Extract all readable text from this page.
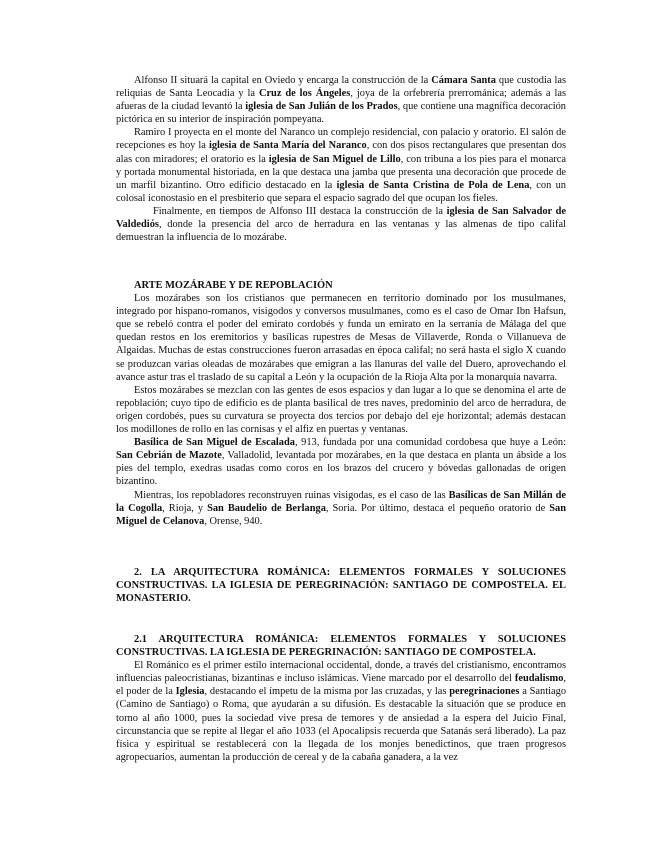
Alfonso II situará la capital en Oviedo y encarga la construcción de la Cámara Santa que custodia las reliquias de Santa Leocadia y la Cruz de los Ángeles, joya de la orfebrería prerrománica; además a las afueras de la ciudad levantó la iglesia de San Julián de los Prados, que contiene una magnífica decoración pictórica en su interior de inspiración pompeyana.

Ramiro I proyecta en el monte del Naranco un complejo residencial, con palacio y oratorio. El salón de recepciones es hoy la iglesia de Santa María del Naranco, con dos pisos rectangulares que presentan dos alas con miradores; el oratorio es la iglesia de San Miguel de Lillo, con tribuna a los pies para el monarca y portada monumental historiada, en la que destaca una jamba que presenta una decoración que procede de un marfil bizantino. Otro edificio destacado en la iglesia de Santa Cristina de Pola de Lena, con un colosal iconostasio en el presbiterio que separa el espacio sagrado del que ocupan los fieles.

Finalmente, en tiempos de Alfonso III destaca la construcción de la iglesia de San Salvador de Valdediós, donde la presencia del arco de herradura en las ventanas y las almenas de tipo califal demuestran la influencia de lo mozárabe.

ARTE MOZÁRABE Y DE REPOBLACIÓN

Los mozárabes son los cristianos que permanecen en territorio dominado por los musulmanes, integrado por hispano-romanos, visigodos y conversos musulmanes, como es el caso de Omar Ibn Hafsun, que se rebeló contra el poder del emirato cordobés y funda un emirato en la serranía de Málaga del que quedan restos en los eremitorios y basílicas rupestres de Mesas de Villaverde, Ronda o Villanueva de Algaidas. Muchas de estas construcciones fueron arrasadas en época califal; no será hasta el siglo X cuando se produzcan varias oleadas de mozárabes que emigran a las llanuras del valle del Duero, aprovechando el avance astur tras el traslado de su capital a León y la ocupación de la Rioja Alta por la monarquía navarra.

Estos mozárabes se mezclan con las gentes de esos espacios y dan lugar a lo que se denomina el arte de repoblación; cuyo tipo de edificio es de planta basilical de tres naves, predominio del arco de herradura, de origen cordobés, pues su curvatura se proyecta dos tercios por debajo del eje horizontal; además destacan los modillones de rollo en las cornisas y el alfiz en puertas y ventanas.

Basílica de San Miguel de Escalada, 913, fundada por una comunidad cordobesa que huye a León: San Cebrián de Mazote, Valladolid, levantada por mozárabes, en la que destaca en planta un ábside a los pies del templo, exedras usadas como coros en los brazos del crucero y bóvedas gallonadas de origen bizantino.

Mientras, los repobladores reconstruyen ruinas visigodas, es el caso de las Basílicas de San Millán de la Cogolla, Rioja, y San Baudelio de Berlanga, Soria. Por último, destaca el pequeño oratorio de San Miguel de Celanova, Orense, 940.

2. LA ARQUITECTURA ROMÁNICA: ELEMENTOS FORMALES Y SOLUCIONES CONSTRUCTIVAS. LA IGLESIA DE PEREGRINACIÓN: SANTIAGO DE COMPOSTELA. EL MONASTERIO.

2.1 ARQUITECTURA ROMÁNICA: ELEMENTOS FORMALES Y SOLUCIONES CONSTRUCTIVAS. LA IGLESIA DE PEREGRINACIÓN: SANTIAGO DE COMPOSTELA.

El Románico es el primer estilo internacional occidental, donde, a través del cristianismo, encontramos influencias paleocristianas, bizantinas e incluso islámicas. Viene marcado por el desarrollo del feudalismo, el poder de la Iglesia, destacando el ímpetu de la misma por las cruzadas, y las peregrinaciones a Santiago (Camino de Santiago) o Roma, que ayudarán a su difusión. Es destacable la situación que se produce en torno al año 1000, pues la sociedad vive presa de temores y de ansiedad a la espera del Juicio Final, circunstancia que se repite al llegar el año 1033 (el Apocalipsis recuerda que Satanás será liberado). La paz física y espiritual se restablecerá con la llegada de los monjes benedictinos, que traen progresos agropecuarios, aumentan la producción de cereal y de la cabaña ganadera, a la vez
